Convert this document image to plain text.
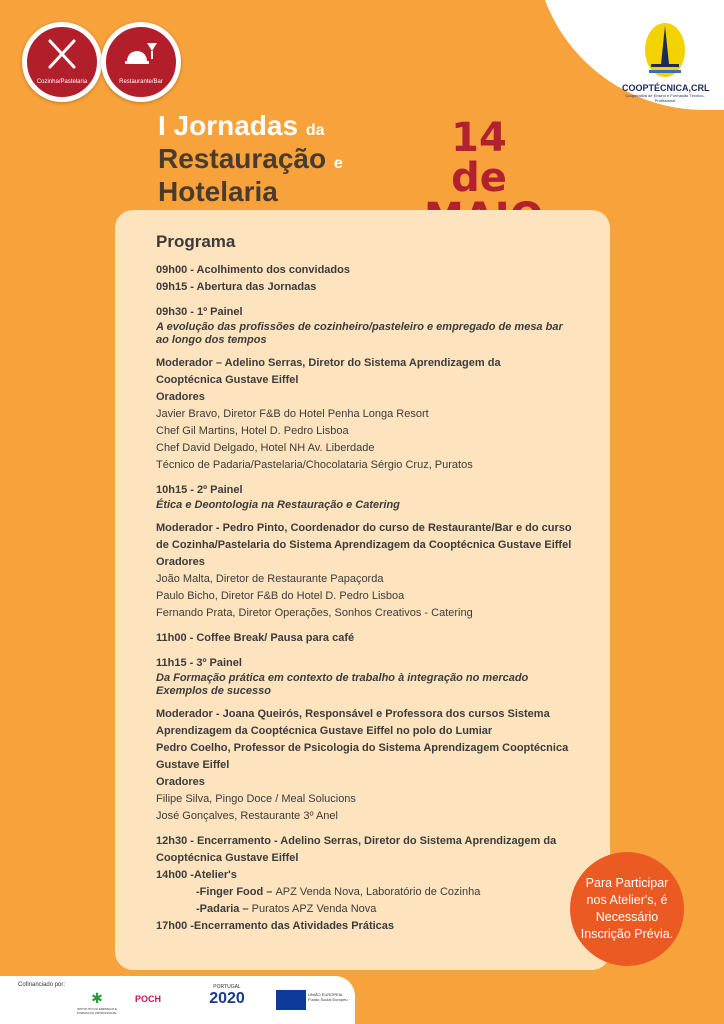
Cozinha/Pastelaria	Restaurante/Bar
COOPTÉCNICA,CRL
Cooperativa de Ensino e Formação Técnico-Profissional
I Jornadas da
Restauração e
Hotelaria
14 de
Programa
09h00 - Acolhimento dos convidados
09h15 - Abertura das Jornadas
09h30 - 1º Painel
A evolução das profissões de cozinheiro/pasteleiro e empregado de mesa bar ao longo dos tempos
Moderador – Adelino Serras, Diretor do Sistema Aprendizagem da Cooptécnica Gustave Eiffel
Oradores
Javier Bravo, Diretor F&B do Hotel Penha Longa Resort
Chef Gil Martins, Hotel D. Pedro Lisboa
Chef David Delgado, Hotel NH Av. Liberdade
Técnico de Padaria/Pastelaria/Chocolataria Sérgio Cruz, Puratos
10h15 - 2º Painel
Ética e Deontologia na Restauração e Catering
Moderador - Pedro Pinto, Coordenador do curso de Restaurante/Bar e do curso de Cozinha/Pastelaria do Sistema Aprendizagem da Cooptécnica Gustave Eiffel
Oradores
João Malta, Diretor de Restaurante Papaçorda
Paulo Bicho, Diretor F&B do Hotel D. Pedro Lisboa
Fernando Prata, Diretor Operações, Sonhos Creativos - Catering
11h00 - Coffee Break/ Pausa para café
11h15 - 3º Painel
Da Formação prática em contexto de trabalho à integração no mercado
Exemplos de sucesso
Moderador - Joana Queirós, Responsável e Professora dos cursos Sistema Aprendizagem da Cooptécnica Gustave Eiffel no polo do Lumiar
Pedro Coelho, Professor de Psicologia do Sistema Aprendizagem Cooptécnica Gustave Eiffel
Oradores
Filipe Silva, Pingo Doce / Meal Solucions
José Gonçalves, Restaurante 3º Anel
12h30 - Encerramento - Adelino Serras, Diretor do Sistema Aprendizagem da Cooptécnica Gustave Eiffel
14h00 -Atelier's
-Finger Food – APZ Venda Nova, Laboratório de Cozinha
-Padaria – Puratos APZ Venda Nova
17h00 -Encerramento das Atividades Práticas
Para Participar
nos Atelier's, é
Necessário
Inscrição Prévia.
Cofinanciado por:
✱
INSTITUTO DO EMPREGO E FORMAÇÃO PROFISSIONAL
POCH
PORTUGAL
2020	UNIÃO EUROPEIA
Fundo Social Europeu
